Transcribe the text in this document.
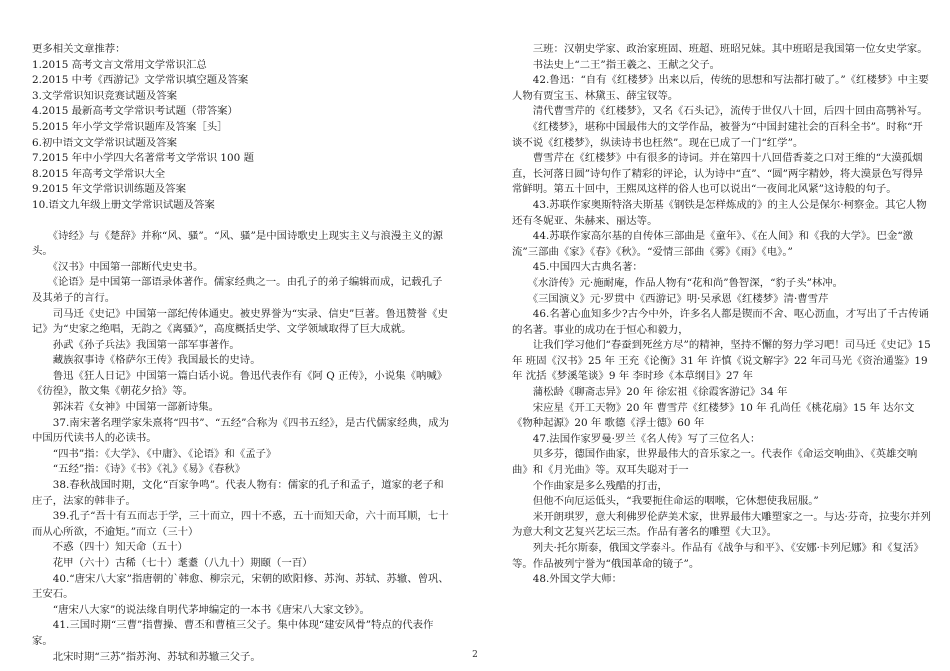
更多相关文章推荐：

1.2015 高考文言文常用文学常识汇总

2.2015 中考《西游记》文学常识填空题及答案

3.文学常识知识竞赛试题及答案

4.2015 最新高考文学常识考试题（带答案）

5.2015 年小学文学常识题库及答案［头］

6.初中语文文学常识试题及答案

7.2015 年中小学四大名著常考文学常识 100 题

8.2015 年高考文学常识大全

9.2015 年文学常识训练题及答案

10.语文九年级上册文学常识试题及答案

　　《诗经》与《楚辞》并称“风、骚”。“风、骚”是中国诗歌史上现实主义与浪漫主义的源头。

　　《汉书》中国第一部断代史史书。

　　《论语》是中国第一部语录体著作。儒家经典之一。由孔子的弟子编辑而成，记载孔子及其弟子的言行。

　　司马迁《史记》中国第一部纪传体通史。被史界誉为“实录、信史”巨著。鲁迅赞誉《史记》为“史家之绝唱，无韵之《离骚》”，高度概括史学、文学领域取得了巨大成就。

　　孙武《孙子兵法》我国第一部军事著作。

　　藏族叙事诗《格萨尔王传》我国最长的史诗。

　　鲁迅《狂人日记》中国第一篇白话小说。鲁迅代表作有《阿 Q 正传》，小说集《呐喊》《彷徨》，散文集《朝花夕拾》等。

　　郭沫若《女神》中国第一部新诗集。

　　37.南宋著名理学家朱熹将“四书”、“五经”合称为《四书五经》，是古代儒家经典，成为中国历代读书人的必读书。

　　“四书”指：《大学》、《中庸》、《论语》和《孟子》

　　“五经”指：《诗》《书》《礼》《易》《春秋》

　　38.春秋战国时期，文化“百家争鸣”。代表人物有：儒家的孔子和孟子，道家的老子和庄子，法家的韩非子。

　　39.孔子“吾十有五而志于学，三十而立，四十不惑，五十而知天命，六十而耳顺，七十而从心所欲，不逾矩。”而立（三十）

　　不惑（四十）知天命（五十）

　　花甲（六十）古稀（七十）耄耋（八九十）期颐（一百）

　　40.“唐宋八大家”指唐朝的`韩愈、柳宗元，宋朝的欧阳修、苏洵、苏轼、苏辙、曾巩、王安石。

　　“唐宋八大家”的说法缘自明代茅坤编定的一本书《唐宋八大家文钞》。

　　41.三国时期“三曹”指曹操、曹丕和曹植三父子。集中体现“建安风骨”特点的代表作家。

　　北宋时期“三苏”指苏洵、苏轼和苏辙三父子。

　　三班：汉朝史学家、政治家班固、班超、班昭兄妹。其中班昭是我国第一位女史学家。

　　书法史上“二王”指王羲之、王献之父子。

　　42.鲁迅：“自有《红楼梦》出来以后，传统的思想和写法都打破了。”《红楼梦》中主要人物有贾宝玉、林黛玉、薛宝钗等。

　　清代曹雪芹的《红楼梦》，又名《石头记》，流传于世仅八十回，后四十回由高鹗补写。

　　《红楼梦》，堪称中国最伟大的文学作品，被誉为“中国封建社会的百科全书”。时称“开谈不说《红楼梦》，纵读诗书也枉然”。现在已成了一门“红学”。

　　曹雪芹在《红楼梦》中有很多的诗词。并在第四十八回借香菱之口对王维的“大漠孤烟直，长河落日圆”诗句作了精彩的评论，认为诗中“直”、“圆”两字精妙，将大漠景色写得异常鲜明。第五十回中，王熙凤这样的俗人也可以说出“一夜间北风紧”这诗般的句子。

　　43.苏联作家奥斯特洛夫斯基《钢铁是怎样炼成的》的主人公是保尔·柯察金。其它人物还有冬妮亚、朱赫来、丽达等。

　　44.苏联作家高尔基的自传体三部曲是《童年》、《在人间》和《我的大学》。巴金“激流”三部曲《家》《春》《秋》。“爱情三部曲《雾》《雨》《电》。”

　　45.中国四大古典名著：

　　《水浒传》元·施耐庵，作品人物有“花和尚”鲁智深，“豹子头”林冲。

　　《三国演义》元·罗贯中《西游记》明·吴承恩《红楼梦》清·曹雪芹

　　46.名著心血知多少?古今中外，许多名人都是锲而不舍、呕心沥血，才写出了千古传诵的名著。事业的成功在于恒心和毅力，

　　让我们学习他们“春蚕到死丝方尽”的精神，坚持不懈的努力学习吧！司马迁《史记》15 年 班固《汉书》25 年 王充《论衡》31 年 许慎《说文解字》22 年司马光《资治通鉴》19 年 沈括《梦溪笔谈》9 年 李时珍《本草纲目》27 年

　　蒲松龄《聊斋志异》20 年 徐宏祖《徐霞客游记》34 年

　　宋应星《开工天物》20 年 曹雪芹《红楼梦》10 年 孔尚任《桃花扇》15 年 达尔文《物种起源》20 年 歌德《浮士德》60 年

　　47.法国作家罗曼·罗兰《名人传》写了三位名人：

　　贝多芬，德国作曲家，世界最伟大的音乐家之一。代表作《命运交响曲》、《英雄交响曲》和《月光曲》等。双耳失聪对于一

　　个作曲家是多么残酷的打击，

　　但他不向厄运低头，“我要扼住命运的咽喉，它休想使我屈服。”

　　米开朗琪罗，意大利佛罗伦萨美术家，世界最伟大雕塑家之一。与达·芬奇，拉斐尔并列为意大利文艺复兴艺坛三杰。作品有著名的雕塑《大卫》。

　　列夫·托尔斯泰，俄国文学泰斗。作品有《战争与和平》、《安娜·卡列尼娜》和《复活》等。作品被列宁誉为“俄国革命的镜子”。

　　48.外国文学大师：

2
